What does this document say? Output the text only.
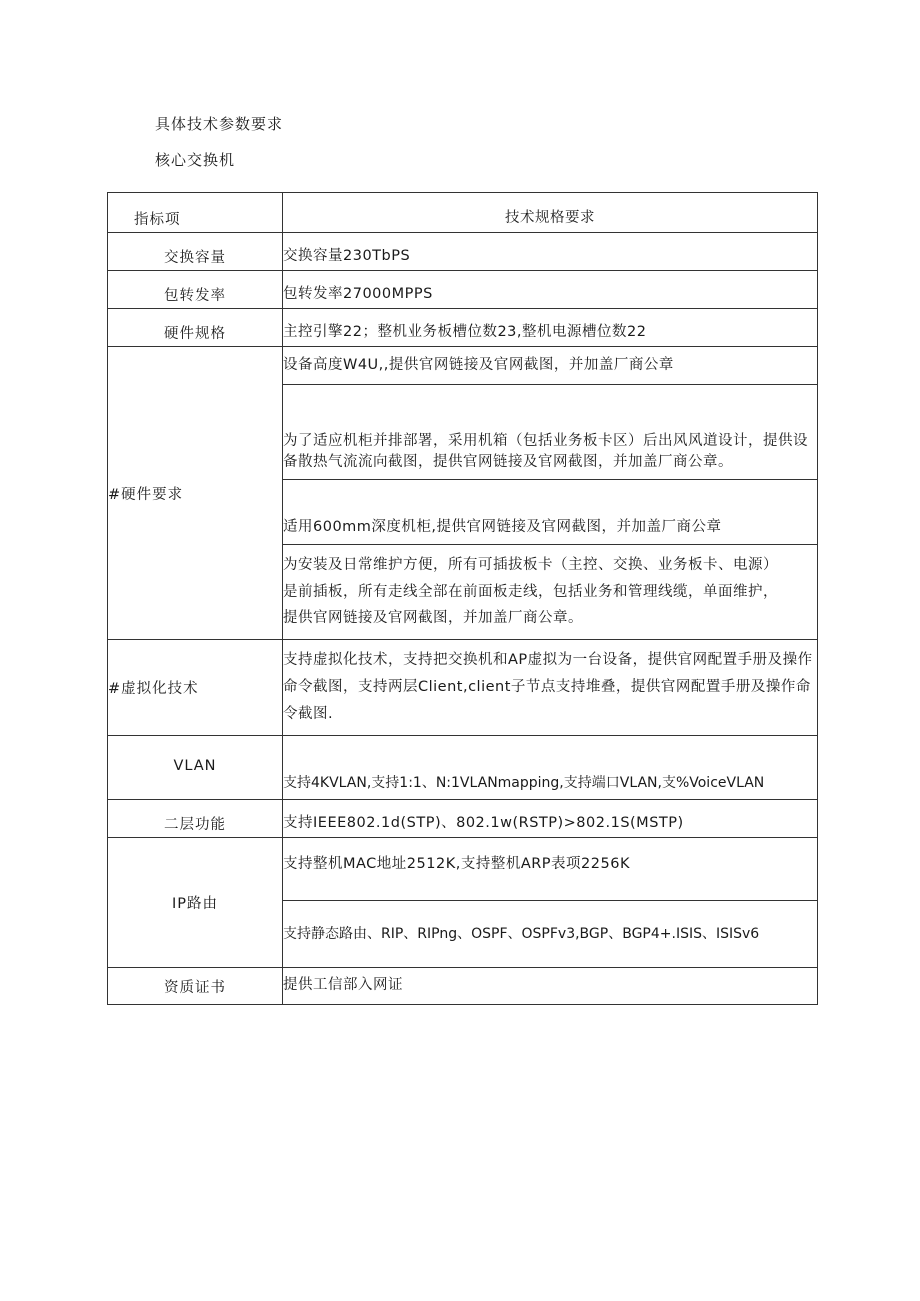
具体技术参数要求
核心交换机
指标项	技术规格要求
交换容量	交换容量230TbPS
包转发率	包转发率27000MPPS
硬件规格	主控引擎22；整机业务板槽位数23,整机电源槽位数22
#硬件要求	设备高度W4U,,提供官网链接及官网截图，并加盖厂商公章
	为了适应机柜并排部署，采用机箱（包括业务板卡区）后出风风道设计，提供设备散热气流流向截图，提供官网链接及官网截图，并加盖厂商公章。
	适用600mm深度机柜,提供官网链接及官网截图，并加盖厂商公章
	为安装及日常维护方便，所有可插拔板卡（主控、交换、业务板卡、电源）是前插板，所有走线全部在前面板走线，包括业务和管理线缆，单面维护，提供官网链接及官网截图，并加盖厂商公章。
#虚拟化技术	支持虚拟化技术，支持把交换机和AP虚拟为一台设备，提供官网配置手册及操作命令截图，支持两层Client,client子节点支持堆叠，提供官网配置手册及操作命令截图.
VLAN	支持4KVLAN,支持1:1、N:1VLANmapping,支持端口VLAN,支%VoiceVLAN
二层功能	支持IEEE802.1d(STP)、802.1w(RSTP)>802.1S(MSTP)
IP路由	支持整机MAC地址2512K,支持整机ARP表项2256K
	支持静态路由、RIP、RIPng、OSPF、OSPFv3,BGP、BGP4+.ISIS、ISISv6
资质证书	提供工信部入网证
